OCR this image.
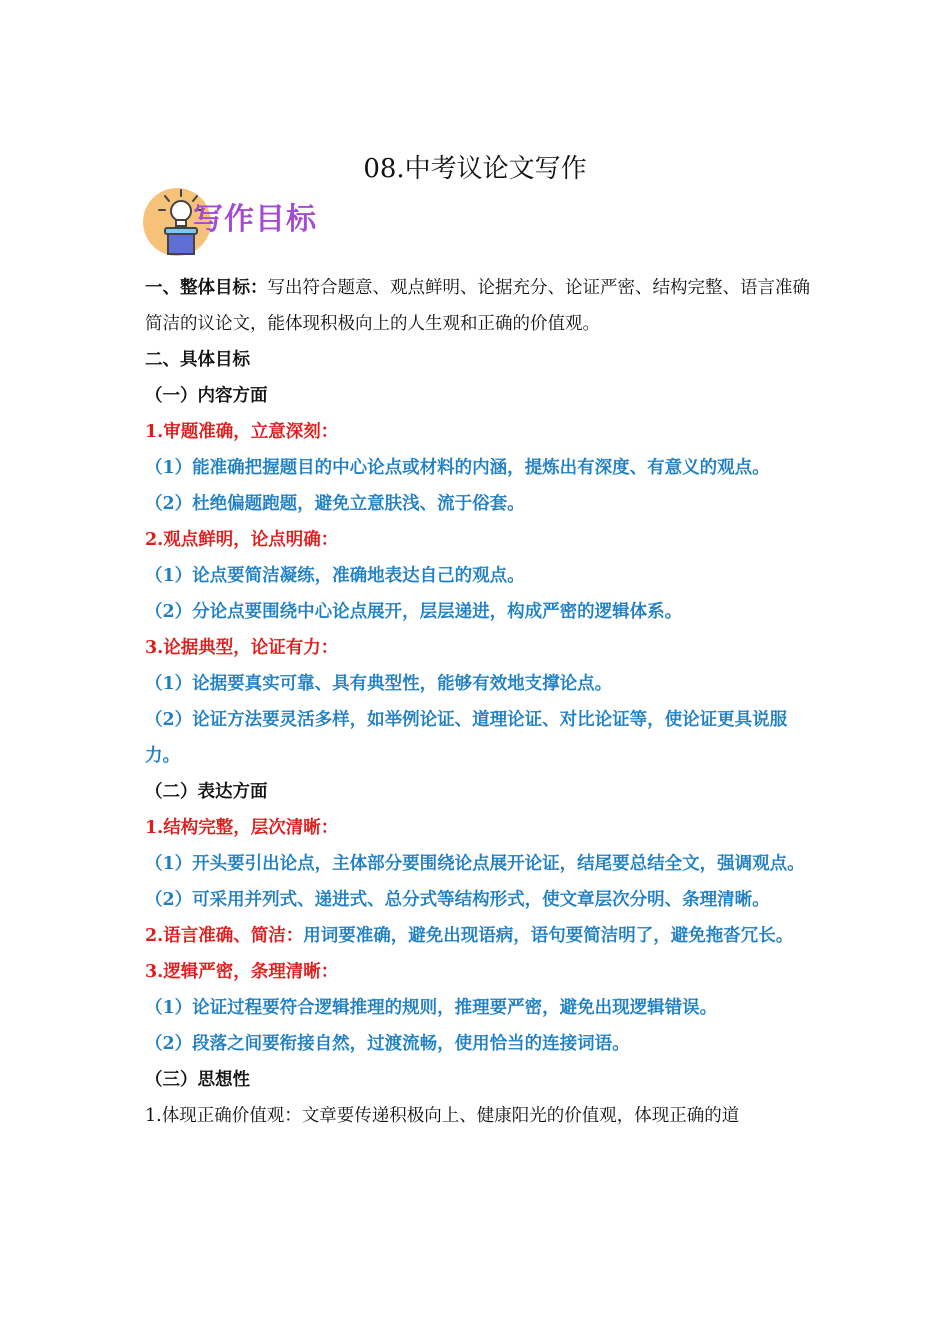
08.中考议论文写作
写作目标

一、整体目标：写出符合题意、观点鲜明、论据充分、论证严密、结构完整、语言准确简洁的议论文，能体现积极向上的人生观和正确的价值观。

二、具体目标

（一）内容方面

1.审题准确，立意深刻：

（1）能准确把握题目的中心论点或材料的内涵，提炼出有深度、有意义的观点。

（2）杜绝偏题跑题，避免立意肤浅、流于俗套。

2.观点鲜明，论点明确：

（1）论点要简洁凝练，准确地表达自己的观点。

（2）分论点要围绕中心论点展开，层层递进，构成严密的逻辑体系。

3.论据典型，论证有力：

（1）论据要真实可靠、具有典型性，能够有效地支撑论点。

（2）论证方法要灵活多样，如举例论证、道理论证、对比论证等，使论证更具说服力。

（二）表达方面

1.结构完整，层次清晰：

（1）开头要引出论点，主体部分要围绕论点展开论证，结尾要总结全文，强调观点。

（2）可采用并列式、递进式、总分式等结构形式，使文章层次分明、条理清晰。

2.语言准确、简洁：用词要准确，避免出现语病，语句要简洁明了，避免拖沓冗长。

3.逻辑严密，条理清晰：

（1）论证过程要符合逻辑推理的规则，推理要严密，避免出现逻辑错误。

（2）段落之间要衔接自然，过渡流畅，使用恰当的连接词语。

（三）思想性

1.体现正确价值观：文章要传递积极向上、健康阳光的价值观，体现正确的道
